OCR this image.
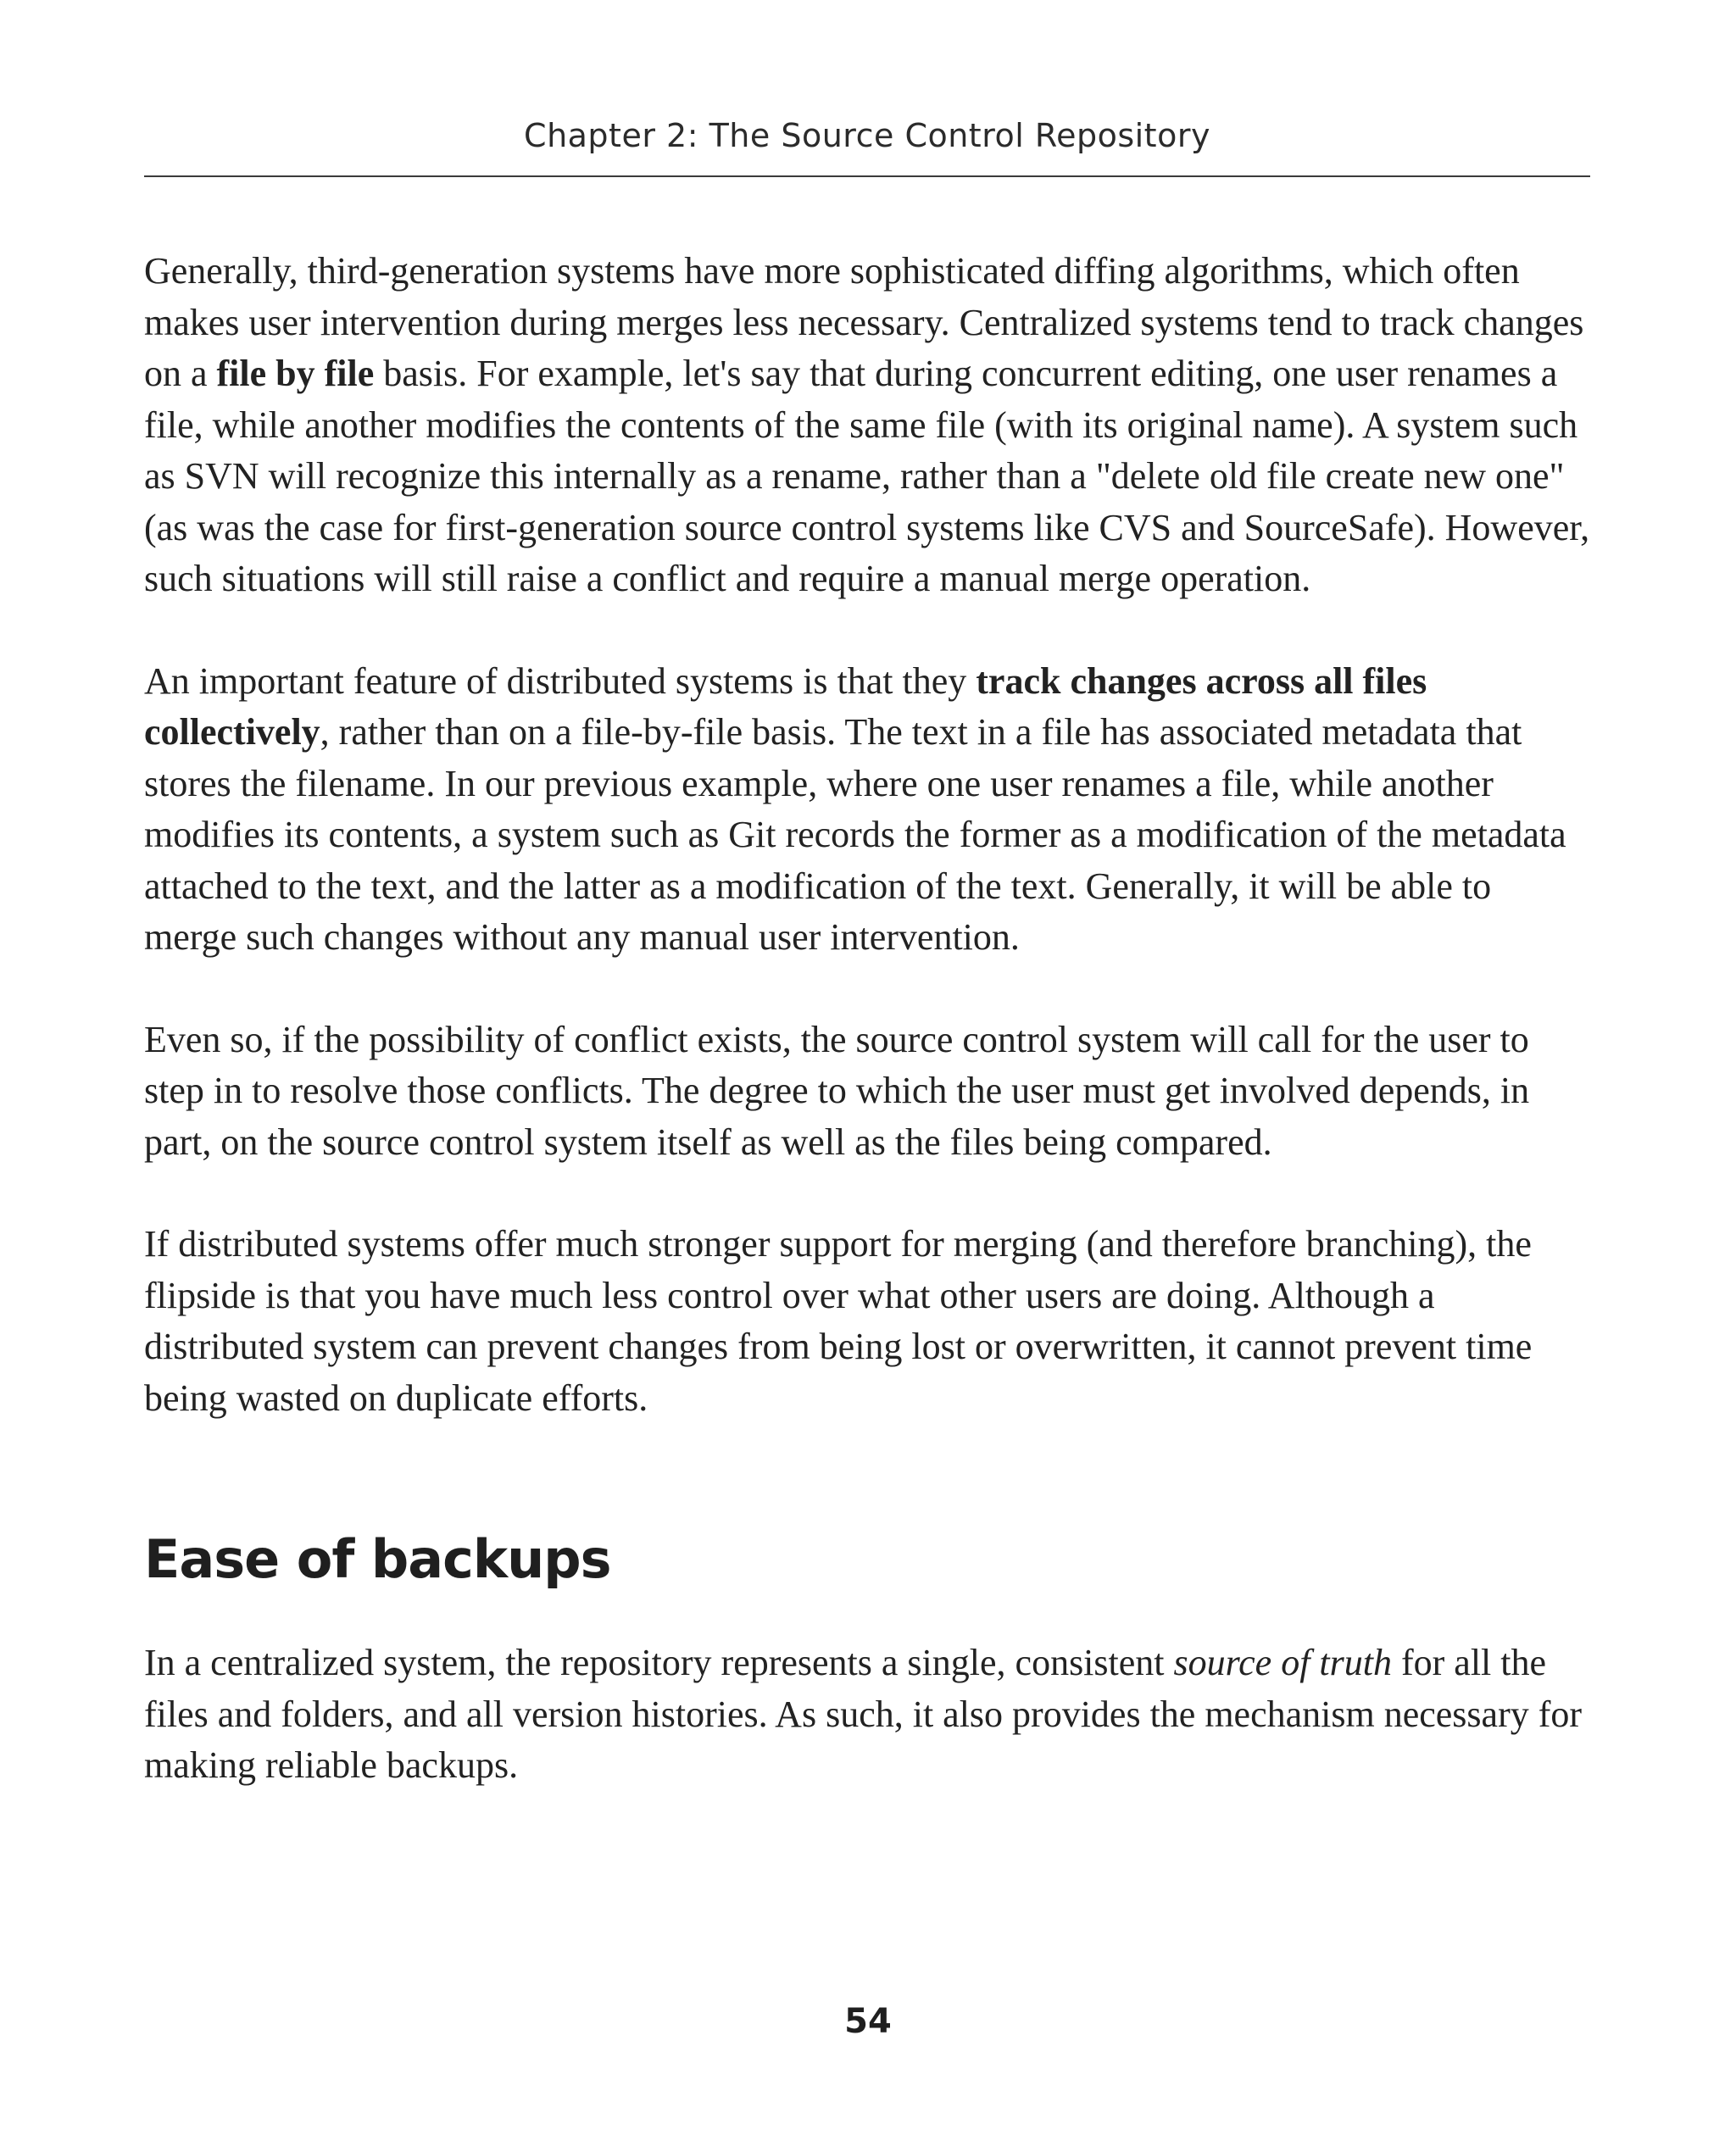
Chapter 2: The Source Control Repository

Generally, third-generation systems have more sophisticated diffing algorithms, which often makes user intervention during merges less necessary. Centralized systems tend to track changes on a file by file basis. For example, let's say that during concurrent editing, one user renames a file, while another modifies the contents of the same file (with its original name). A system such as SVN will recognize this internally as a rename, rather than a "delete old file create new one" (as was the case for first-generation source control systems like CVS and SourceSafe). However, such situations will still raise a conflict and require a manual merge operation.

An important feature of distributed systems is that they track changes across all files collectively, rather than on a file-by-file basis. The text in a file has associated metadata that stores the filename. In our previous example, where one user renames a file, while another modifies its contents, a system such as Git records the former as a modification of the metadata attached to the text, and the latter as a modification of the text. Generally, it will be able to merge such changes without any manual user intervention.

Even so, if the possibility of conflict exists, the source control system will call for the user to step in to resolve those conflicts. The degree to which the user must get involved depends, in part, on the source control system itself as well as the files being compared.

If distributed systems offer much stronger support for merging (and therefore branching), the flipside is that you have much less control over what other users are doing. Although a distributed system can prevent changes from being lost or overwritten, it cannot prevent time being wasted on duplicate efforts.

Ease of backups

In a centralized system, the repository represents a single, consistent source of truth for all the files and folders, and all version histories. As such, it also provides the mechanism necessary for making reliable backups.

54
